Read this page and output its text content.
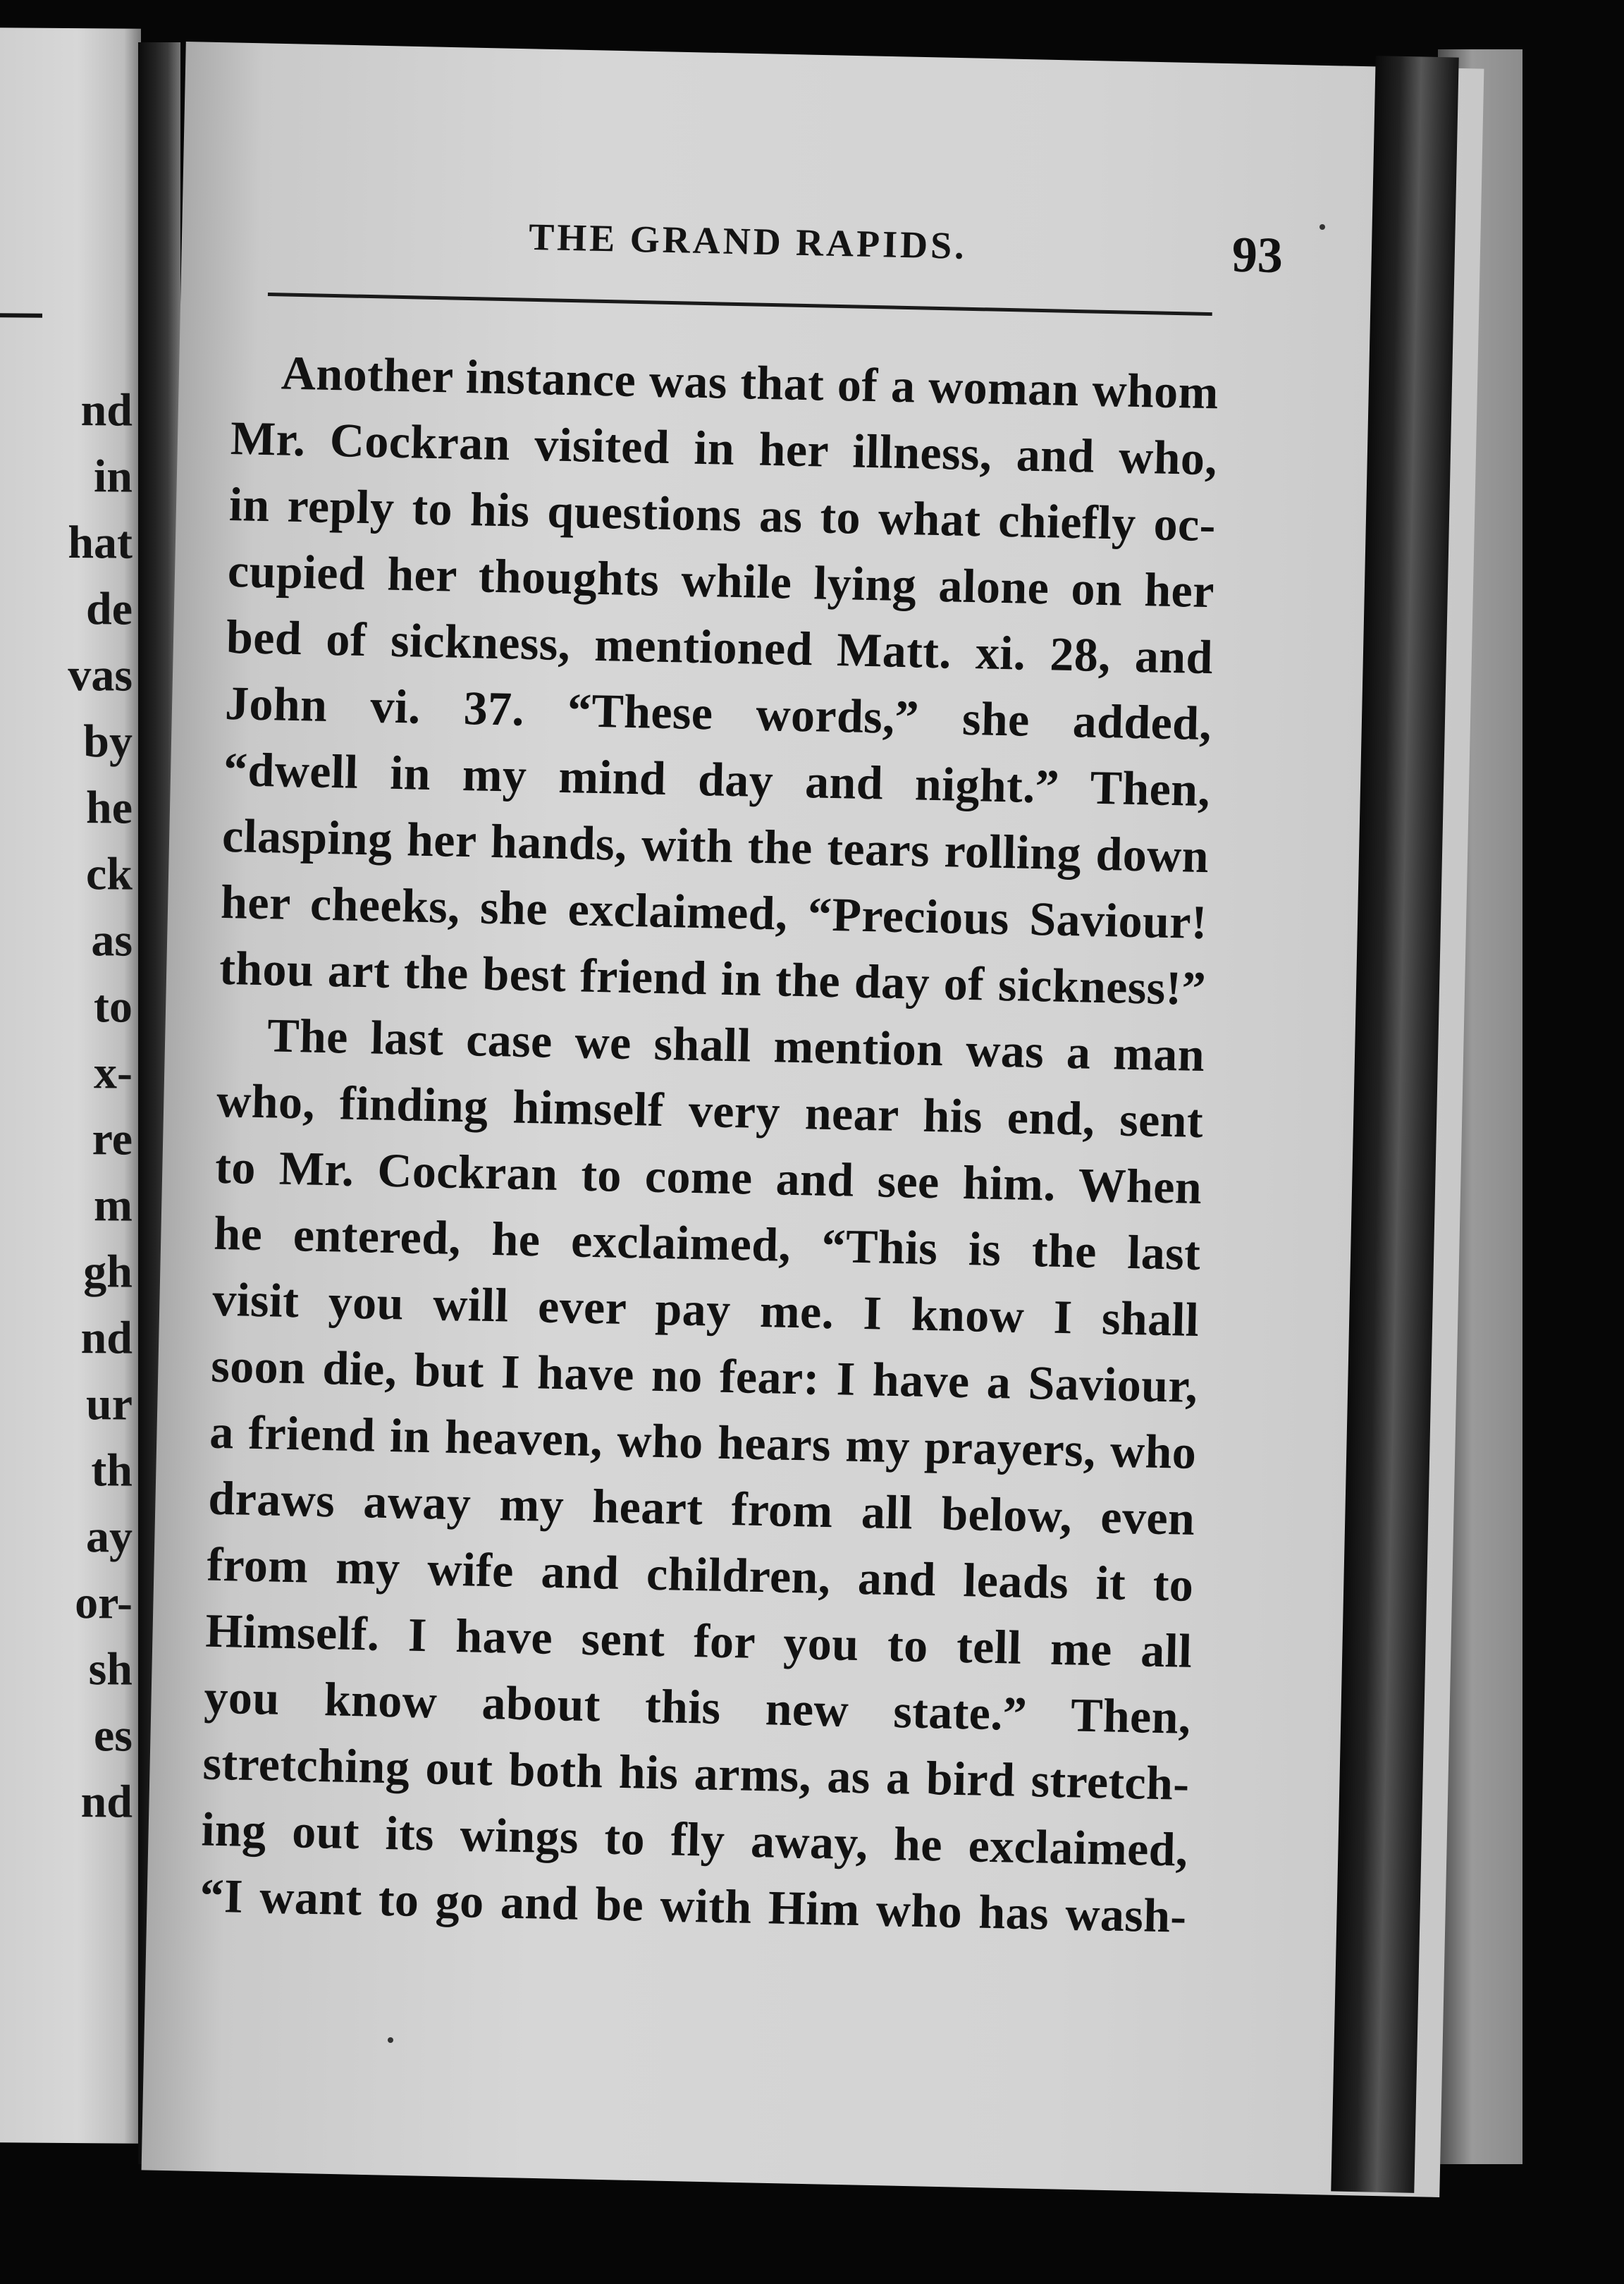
nd
in
hat
de
vas
by
he
ck
as
to
x-
re
m
gh
nd
ur
th
ay
or-
sh
es
nd
THE GRAND RAPIDS.	93
Another instance was that of a woman whom
Mr. Cockran visited in her illness, and who,
in reply to his questions as to what chiefly oc-
cupied her thoughts while lying alone on her
bed of sickness, mentioned Matt. xi. 28, and
John vi. 37. “These words,” she added,
“dwell in my mind day and night.” Then,
clasping her hands, with the tears rolling down
her cheeks, she exclaimed, “Precious Saviour!
thou art the best friend in the day of sickness!”
The last case we shall mention was a man
who, finding himself very near his end, sent
to Mr. Cockran to come and see him. When
he entered, he exclaimed, “This is the last
visit you will ever pay me. I know I shall
soon die, but I have no fear: I have a Saviour,
a friend in heaven, who hears my prayers, who
draws away my heart from all below, even
from my wife and children, and leads it to
Himself. I have sent for you to tell me all
you know about this new state.” Then,
stretching out both his arms, as a bird stretch-
ing out its wings to fly away, he exclaimed,
“I want to go and be with Him who has wash-
